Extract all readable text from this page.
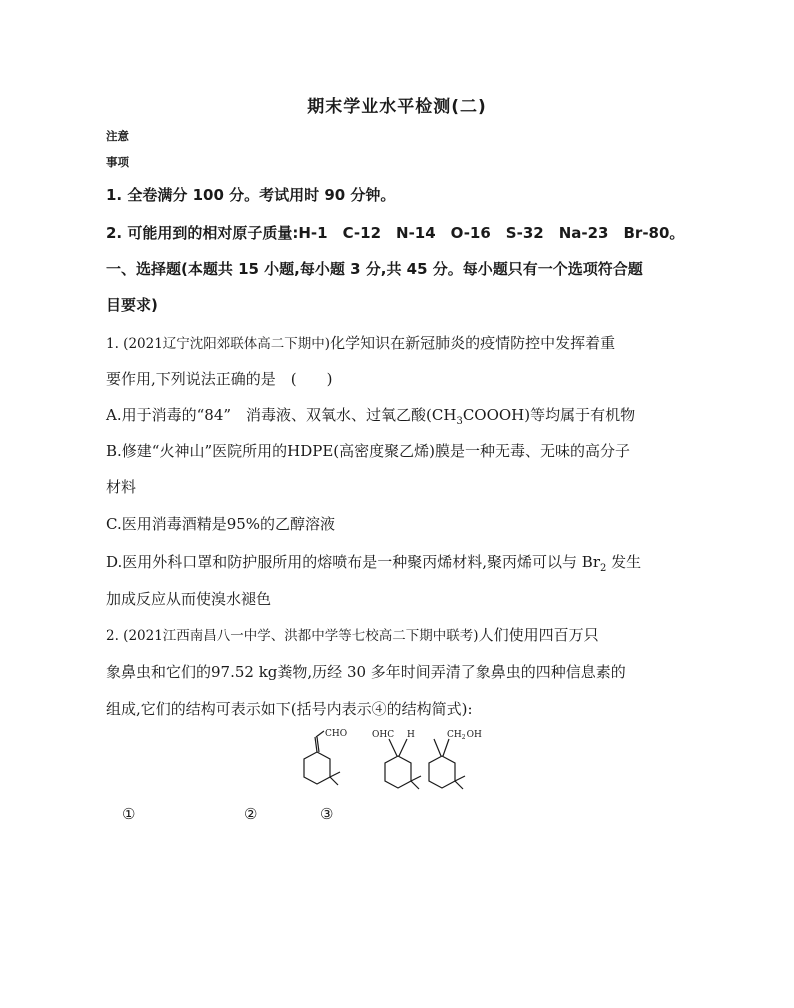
期末学业水平检测(二)
注意
事项
1. 全卷满分 100 分。考试用时 90 分钟。
2. 可能用到的相对原子质量:H-1　C-12　N-14　O-16　S-32　Na-23　Br-80。
一、选择题(本题共 15 小题,每小题 3 分,共 45 分。每小题只有一个选项符合题
目要求)
1. (2021辽宁沈阳郊联体高二下期中)化学知识在新冠肺炎的疫情防控中发挥着重
要作用,下列说法正确的是　(　　)
A.用于消毒的“84”　消毒液、双氧水、过氧乙酸$(CH_3COOOH)$等均属于有机物
B.修建“火神山”医院所用的HDPE(高密度聚乙烯)膜是一种无毒、无味的高分子
材料
C.医用消毒酒精是95%的乙醇溶液
D.医用外科口罩和防护服所用的熔喷布是一种聚丙烯材料,聚丙烯可以与 $Br_2$ 发生
加成反应从而使溴水褪色
2. (2021江西南昌八一中学、洪都中学等七校高二下期中联考)人们使用四百万只
象鼻虫和它们的97.52 kg粪物,历经 30 多年时间弄清了象鼻虫的四种信息素的
组成,它们的结构可表示如下(括号内表示④的结构简式):
CHO	OHC H	$CH_2OH$
①	②	③
